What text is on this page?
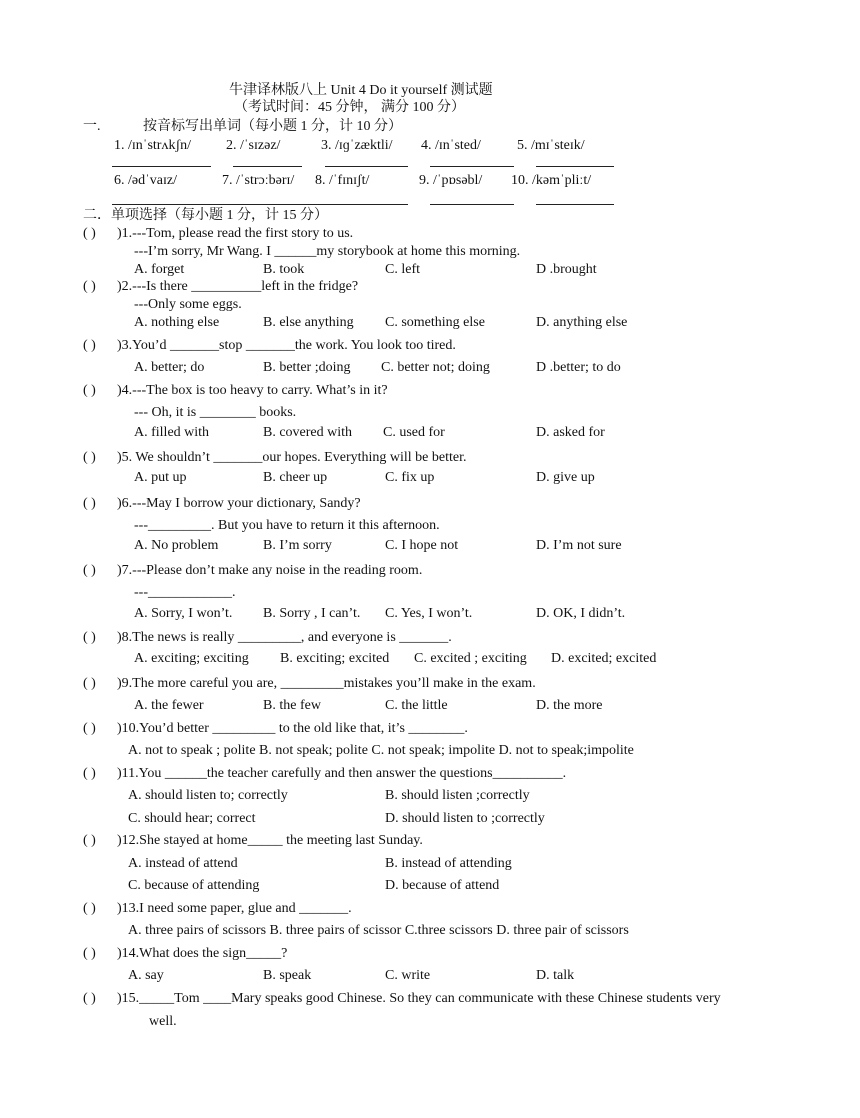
牛津译林版八上 Unit 4 Do it yourself 测试题
（考试时间：45 分钟， 满分 100 分）
一.	按音标写出单词（每小题 1 分，计 10 分）
1. /ɪnˈstrʌkʃn/	2. /ˈsɪzəz/	3. /ɪɡˈzæktli/ 4. /ɪnˈsted/	5. /mɪˈsteɪk/
6. /ədˈvaɪz/	7. /ˈstrɔːbərɪ/ 8. /ˈfɪnɪʃt/	9. /ˈpɒsəbl/ 10. /kəmˈpliːt/
二．单项选择（每小题 1 分，计 15 分）
( ) )1.---Tom, please read the first story to us.
---I’m sorry, Mr Wang. I ______my storybook at home this morning.
A. forget	B. took	C. left	D .brought
( ) )2.---Is there __________left in the fridge?
---Only some eggs.
A. nothing else	B. else anything C. something else	D. anything else
( ) )3.You’d _______stop _______the work. You look too tired.
A. better; do	B. better ;doing C. better not; doing	D .better; to do
( ) )4.---The box is too heavy to carry. What’s in it?
--- Oh, it is ________ books.
A. filled with	B. covered with C. used for	D. asked for
( ) )5. We shouldn’t _______our hopes. Everything will be better.
A. put up	B. cheer up	C. fix up	D. give up
( ) )6.---May I borrow your dictionary, Sandy?
---_________. But you have to return it this afternoon.
A. No problem	B. I’m sorry	C. I hope not	D. I’m not sure
( ) )7.---Please don’t make any noise in the reading room.
---____________.
A. Sorry, I won’t. B. Sorry , I can’t. C. Yes, I won’t.	D. OK, I didn’t.
( ) )8.The news is really _________, and everyone is _______.
A. exciting; exciting B. exciting; excited C. excited ; exciting D. excited; excited
( ) )9.The more careful you are, _________mistakes you’ll make in the exam.
A. the fewer	B. the few	C. the little	D. the more
( ) )10.You’d better _________ to the old like that, it’s ________.
A. not to speak ; polite B. not speak; polite C. not speak; impolite D. not to speak;impolite
( ) )11.You ______the teacher carefully and then answer the questions__________.
A. should listen to; correctly	B. should listen ;correctly
C. should hear; correct	D. should listen to ;correctly
( ) )12.She stayed at home_____ the meeting last Sunday.
A. instead of attend	B. instead of attending
C. because of attending	D. because of attend
( ) )13.I need some paper, glue and _______.
A. three pairs of scissors B. three pairs of scissor C.three scissors D. three pair of scissors
( ) )14.What does the sign_____?
A. say	B. speak	C. write	D. talk
( ) )15._____Tom ____Mary speaks good Chinese. So they can communicate with these Chinese students very
well.
